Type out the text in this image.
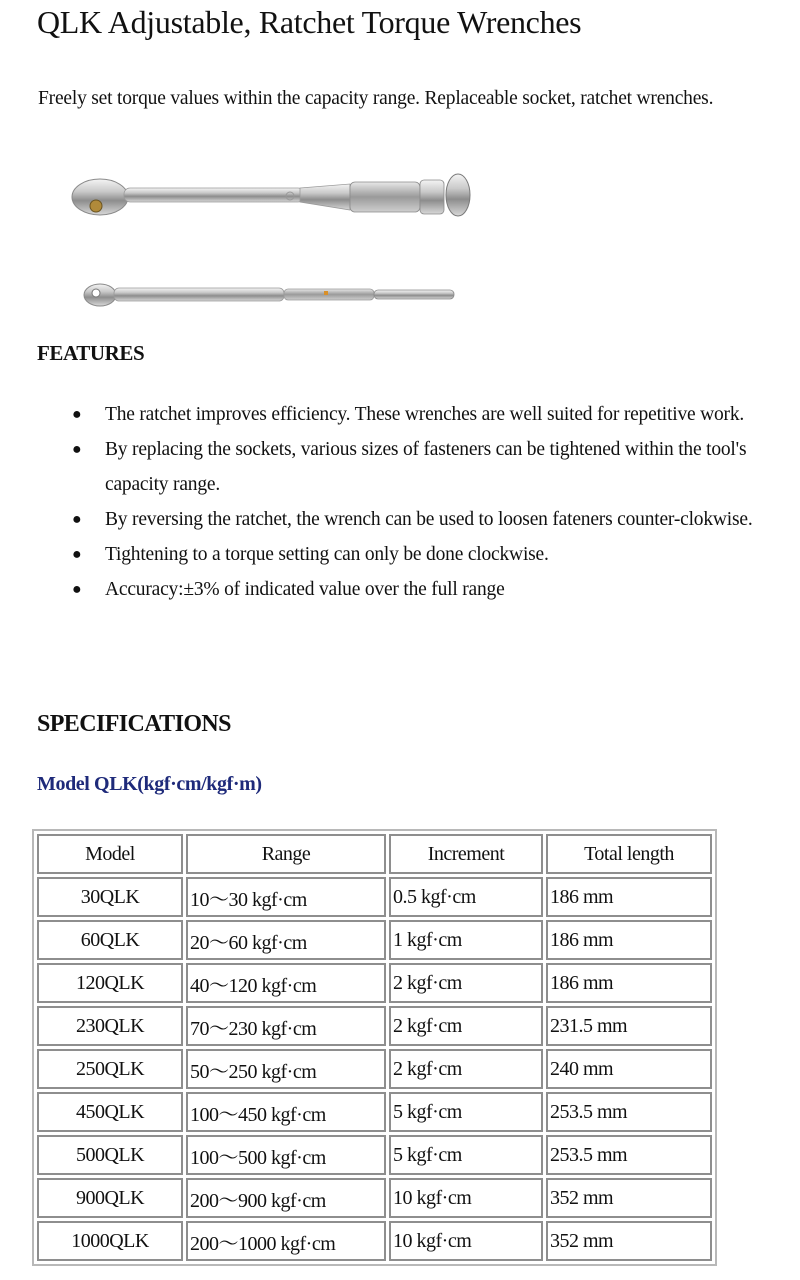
QLK Adjustable, Ratchet Torque Wrenches

Freely set torque values within the capacity range. Replaceable socket, ratchet wrenches.

FEATURES
● The ratchet improves efficiency. These wrenches are well suited for repetitive work.
● By replacing the sockets, various sizes of fasteners can be tightened within the tool's capacity range.
● By reversing the ratchet, the wrench can be used to loosen fateners counter-clokwise.
● Tightening to a torque setting can only be done clockwise.
● Accuracy:±3% of indicated value over the full range
SPECIFICATIONS
Model QLK(kgf·cm/kgf·m)
Model	Range	Increment	Total length
30QLK	10～30 kgf·cm	0.5 kgf·cm	186 mm
60QLK	20～60 kgf·cm	1 kgf·cm	186 mm
120QLK	40～120 kgf·cm	2 kgf·cm	186 mm
230QLK	70～230 kgf·cm	2 kgf·cm	231.5 mm
250QLK	50～250 kgf·cm	2 kgf·cm	240 mm
450QLK	100～450 kgf·cm	5 kgf·cm	253.5 mm
500QLK	100～500 kgf·cm	5 kgf·cm	253.5 mm
900QLK	200～900 kgf·cm	10 kgf·cm	352 mm
1000QLK	200～1000 kgf·cm	10 kgf·cm	352 mm
